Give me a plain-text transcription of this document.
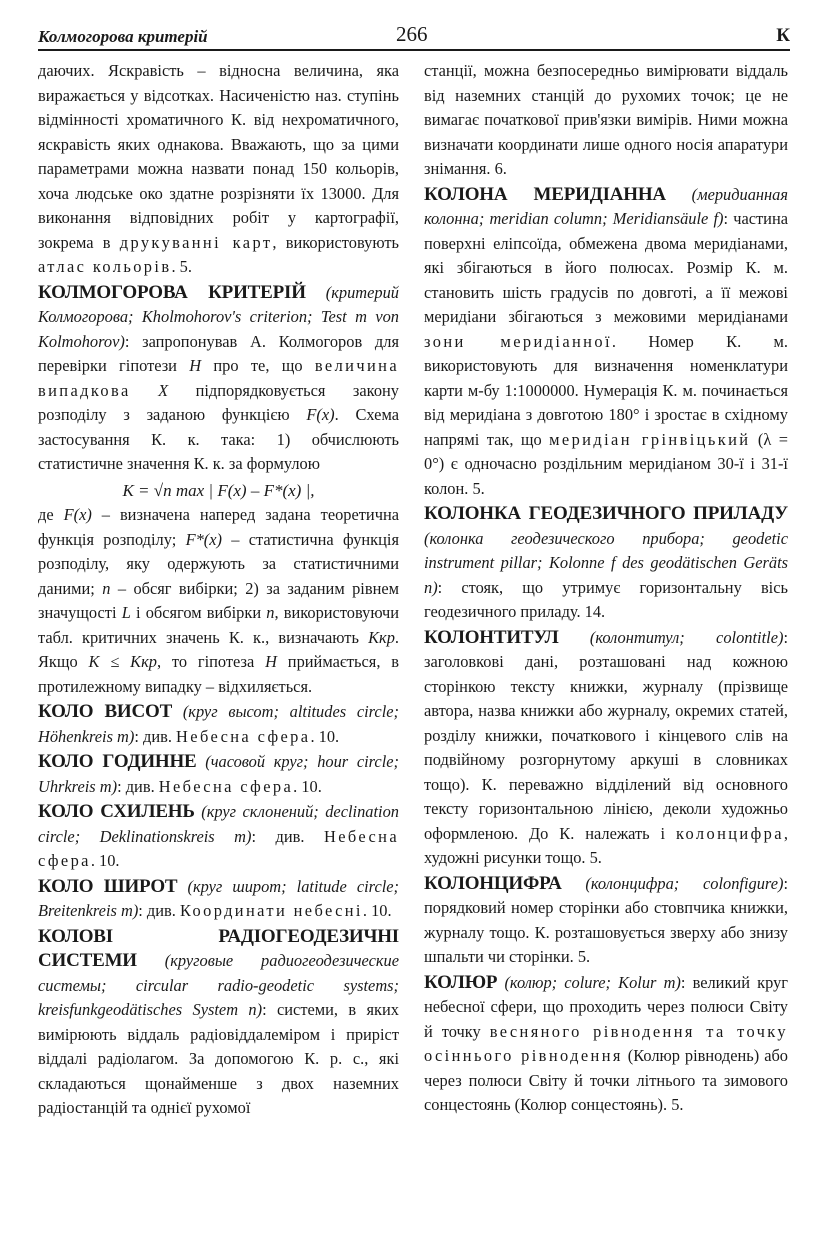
Колмогорова критерій	266	К

даючих. Яскравість – відносна величина, яка виражається у відсотках. Насиченістю наз. ступінь відмінності хроматичного К. від нехроматичного, яскравість яких однакова. Вважають, що за цими параметрами можна назвати понад 150 кольорів, хоча людське око здатне розрізняти їх 13000. Для виконання відповідних робіт у картографії, зокрема в друкуванні карт, використовують атлас кольорів. 5.

КОЛМОГОРОВА КРИТЕРІЙ (критерий Колмогорова; Kholmohorov's criterion; Test m von Kolmohorov): запропонував А. Колмогоров для перевірки гіпотези H про те, що величина випадкова X підпорядковується закону розподілу з заданою функцією F(x). Схема застосування К. к. така: 1) обчислюють статистичне значення К. к. за формулою

K = √n max | F(x) – F*(x) |,

де F(x) – визначена наперед задана теоретична функція розподілу; F*(x) – статистична функція розподілу, яку одержують за статистичними даними; n – обсяг вибірки; 2) за заданим рівнем значущості L і обсягом вибірки n, використовуючи табл. критичних значень К. к., визначають Kкр. Якщо K ≤ Kкр, то гіпотеза H приймається, в протилежному випадку – відхиляється.

КОЛО ВИСОТ (круг высот; altitudes circle; Höhenkreis m): див. Небесна сфера. 10.

КОЛО ГОДИННЕ (часовой круг; hour circle; Uhrkreis m): див. Небесна сфера. 10.

КОЛО СХИЛЕНЬ (круг склонений; declination circle; Deklinationskreis m): див. Небесна сфера. 10.

КОЛО ШИРОТ (круг широт; latitude circle; Breitenkreis m): див. Координати небесні. 10.

КОЛОВІ РАДІОГЕОДЕЗИЧНІ СИСТЕМИ (круговые радиогеодезические системы; circular radio-geodetic systems; kreisfunkgeodätisches System n): системи, в яких вимірюють віддаль радіовіддалеміром і приріст віддалі радіолагом. За допомогою К. р. с., які складаються щонайменше з двох наземних радіостанцій та однієї рухомої

станції, можна безпосередньо вимірювати віддаль від наземних станцій до рухомих точок; це не вимагає початкової прив'язки вимірів. Ними можна визначати координати лише одного носія апаратури знімання. 6.

КОЛОНА МЕРИДІАННА (меридианная колонна; meridian column; Meridiansäule f): частина поверхні еліпсоїда, обмежена двома меридіанами, які збігаються в його полюсах. Розмір К. м. становить шість градусів по довготі, а її межові меридіани збігаються з межовими меридіанами зони меридіанної. Номер К. м. використовують для визначення номенклатури карти м-бу 1:1000000. Нумерація К. м. починається від меридіана з довготою 180° і зростає в східному напрямі так, що меридіан грінвіцький (λ = 0°) є одночасно роздільним меридіаном 30-ї і 31-ї колон. 5.

КОЛОНКА ГЕОДЕЗИЧНОГО ПРИЛАДУ (колонка геодезического прибора; geodetic instrument pillar; Kolonne f des geodätischen Geräts n): стояк, що утримує горизонтальну вісь геодезичного приладу. 14.

КОЛОНТИТУЛ (колонтитул; colontitle): заголовкові дані, розташовані над кожною сторінкою тексту книжки, журналу (прізвище автора, назва книжки або журналу, окремих статей, розділу книжки, початкового і кінцевого слів на подвійному розгорнутому аркуші в словниках тощо). К. переважно відділений від основного тексту горизонтальною лінією, деколи художньо оформленою. До К. належать і колонцифра, художні рисунки тощо. 5.

КОЛОНЦИФРА (колонцифра; colonfigure): порядковий номер сторінки або стовпчика книжки, журналу тощо. К. розташовується зверху або знизу шпальти чи сторінки. 5.

КОЛЮР (колюр; colure; Kolur m): великий круг небесної сфери, що проходить через полюси Світу й точку весняного рівнодення та точку осіннього рівнодення (Колюр рівнодень) або через полюси Світу й точки літнього та зимового сонцестоянь (Колюр сонцестоянь). 5.
